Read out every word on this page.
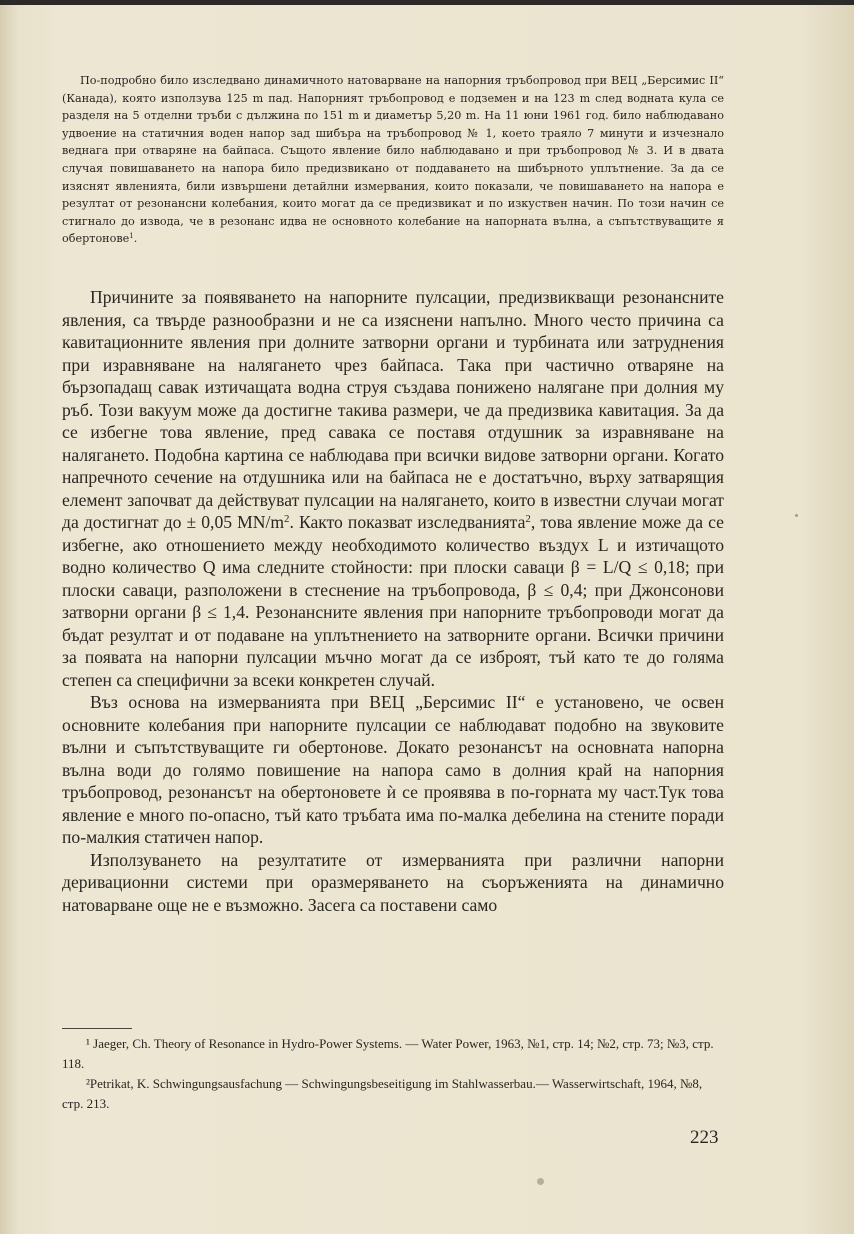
По-подробно било изследвано динамичното натоварване на напорния тръбопровод при ВЕЦ „Берсимис II“ (Канада), която използува 125 m пад. Напорният тръбопровод е подземен и на 123 m след водната кула се разделя на 5 отделни тръби с дължина по 151 m и диаметър 5,20 m. На 11 юни 1961 год. било наблюдавано удвоение на статичния воден напор зад шибъра на тръбопровод № 1, което траяло 7 минути и изчезнало веднага при отваряне на байпаса. Същото явление било наблюдавано и при тръбопровод № 3. И в двата случая повишаването на напора било предизвикано от поддаването на шибърното уплътнение. За да се изяснят явленията, били извършени детайлни измервания, които показали, че повишаването на напора е резултат от резонансни колебания, които могат да се предизвикат и по изкуствен начин. По този начин се стигнало до извода, че в резонанс идва не основното колебание на напорната вълна, а съпътствуващите я обертонове$^1$.

Причините за появяването на напорните пулсации, предизвикващи резонансните явления, са твърде разнообразни и не са изяснени напълно. Много често причина са кавитационните явления при долните затворни органи и турбината или затруднения при изравняване на налягането чрез байпаса. Така при частично отваряне на бързопадащ савак изтичащата водна струя създава понижено налягане при долния му ръб. Този вакуум може да достигне такива размери, че да предизвика кавитация. За да се избегне това явление, пред савака се поставя отдушник за изравняване на налягането. Подобна картина се наблюдава при всички видове затворни органи. Когато напречното сечение на отдушника или на байпаса не е достатъчно, върху затварящия елемент започват да действуват пулсации на налягането, които в известни случаи могат да достигнат до ± 0,05 $MN/m^2$. Както показват изследванията$^2$, това явление може да се избегне, ако отношението между необходимото количество въздух L и изтичащото водно количество Q има следните стойности: при плоски саваци β = L/Q ≤ 0,18; при плоски саваци, разположени в стеснение на тръбопровода, β ≤ 0,4; при Джонсонови затворни органи β ≤ 1,4. Резонансните явления при напорните тръбопроводи могат да бъдат резултат и от подаване на уплътнението на затворните органи. Всички причини за появата на напорни пулсации мъчно могат да се изброят, тъй като те до голяма степен са специфични за всеки конкретен случай.

Въз основа на измерванията при ВЕЦ „Берсимис II“ е установено, че освен основните колебания при напорните пулсации се наблюдават подобно на звуковите вълни и съпътствуващите ги обертонове. Докато резонансът на основната напорна вълна води до голямо повишение на напора само в долния край на напорния тръбопровод, резонансът на обертоновете ѝ се проявява в по-горната му част.Тук това явление е много по-опасно, тъй като тръбата има по-малка дебелина на стените поради по-малкия статичен напор.

Използуването на резултатите от измерванията при различни напорни деривационни системи при оразмеряването на съоръженията на динамично натоварване още не е възможно. Засега са поставени само

¹ Jaeger, Ch. Theory of Resonance in Hydro-Power Systems. — Water Power, 1963, №1, стр. 14; №2, стр. 73; №3, стр. 118.

²Petrikat, K. Schwingungsausfachung — Schwingungsbeseitigung im Stahlwasserbau.— Wasserwirtschaft, 1964, №8, стр. 213.

223
